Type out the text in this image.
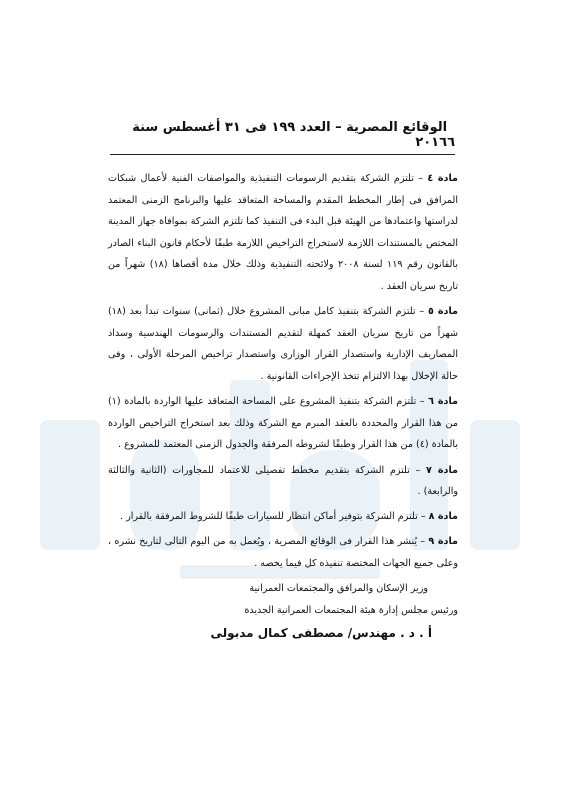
٦
الوقائع المصرية – العدد ١٩٩ فى ٣١ أغسطس سنة ٢٠١٦

مادة ٤ – تلتزم الشركة بتقديم الرسومات التنفيذية والمواصفات الفنية لأعمال شبكات المرافق فى إطار المخطط المقدم والمساحة المتعاقد عليها والبرنامج الزمنى المعتمد لدراستها واعتمادها من الهيئة قبل البدء فى التنفيذ كما تلتزم الشركة بموافاة جهاز المدينة المختص بالمستندات اللازمة لاستخراج التراخيص اللازمة طبقًا لأحكام قانون البناء الصادر بالقانون رقم ١١٩ لسنة ٢٠٠٨ ولائحته التنفيذية وذلك خلال مدة أقصاها (١٨) شهراً من تاريخ سريان العقد .

مادة ٥ – تلتزم الشركة بتنفيذ كامل مبانى المشروع خلال (ثمانى) سنوات تبدأ بعد (١٨) شهراً من تاريخ سريان العقد كمهلة لتقديم المستندات والرسومات الهندسية وسداد المصاريف الإدارية واستصدار القرار الوزارى واستصدار تراخيص المرحلة الأولى ، وفى حالة الإخلال بهذا الالتزام تتخذ الإجراءات القانونية .

مادة ٦ – تلتزم الشركة بتنفيذ المشروع على المساحة المتعاقد عليها الواردة بالمادة (١) من هذا القرار والمحددة بالعقد المبرم مع الشركة وذلك بعد استخراج التراخيص الواردة بالمادة (٤) من هذا القرار وطبقًا لشروطه المرفقة والجدول الزمنى المعتمد للمشروع .

مادة ٧ – تلتزم الشركة بتقديم مخطط تفصيلى للاعتماد للمجاورات (الثانية والثالثة والرابعة) .

مادة ٨ – تلتزم الشركة بتوفير أماكن انتظار للسيارات طبقًا للشروط المرفقة بالقرار .

مادة ٩ – يُنشر هذا القرار فى الوقائع المصرية ، ويُعمل به من اليوم التالى لتاريخ نشره ، وعلى جميع الجهات المختصة تنفيذه كل فيما يخصه .

وزير الإسكان والمرافق والمجتمعات العمرانية

ورئيس مجلس إدارة هيئة المجتمعات العمرانية الجديدة

أ . د . مهندس/ مصطفى كمال مدبولى
